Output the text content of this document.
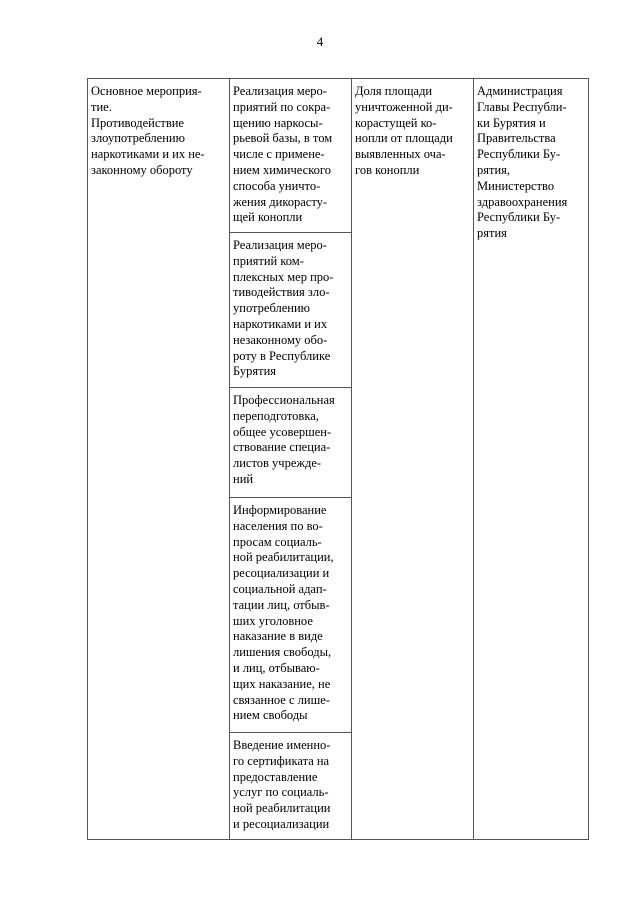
4

Основное мероприя-
тие.
Противодействие
злоупотреблению
наркотиками и их не-
законному обороту

Реализация меро-
приятий по сокра-
щению наркосы-
рьевой базы, в том
числе с примене-
нием химического
способа уничто-
жения дикорасту-
щей конопли

Реализация меро-
приятий ком-
плексных мер про-
тиводействия зло-
употреблению
наркотиками и их
незаконному обо-
роту в Республике
Бурятия

Профессиональная
переподготовка,
общее усовершен-
ствование специа-
листов учрежде-
ний

Информирование
населения по во-
просам социаль-
ной реабилитации,
ресоциализации и
социальной адап-
тации лиц, отбыв-
ших уголовное
наказание в виде
лишения свободы,
и лиц, отбываю-
щих наказание, не
связанное с лише-
нием свободы

Введение именно-
го сертификата на
предоставление
услуг по социаль-
ной реабилитации
и ресоциализации

Доля площади
уничтоженной ди-
корастущей ко-
нопли от площади
выявленных оча-
гов конопли

Администрация
Главы Республи-
ки Бурятия и
Правительства
Республики Бу-
рятия,
Министерство
здравоохранения
Республики Бу-
рятия
